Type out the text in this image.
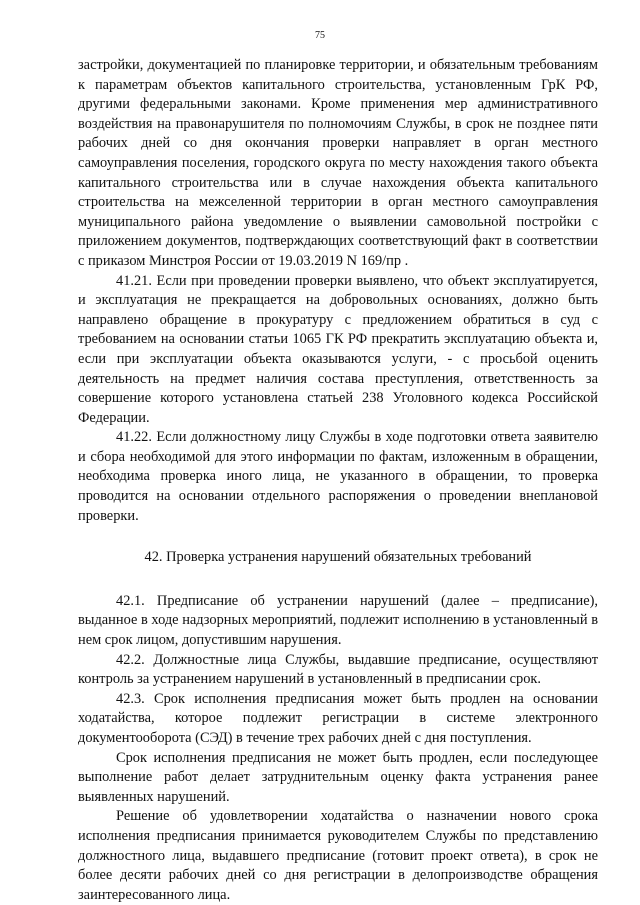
75

застройки, документацией по планировке территории, и обязательным требованиям к параметрам объектов капитального строительства, установленным ГрК РФ, другими федеральными законами. Кроме применения мер административного воздействия на правонарушителя по полномочиям Службы, в срок не позднее пяти рабочих дней со дня окончания проверки направляет в орган местного самоуправления поселения, городского округа по месту нахождения такого объекта капитального строительства или в случае нахождения объекта капитального строительства на межселенной территории в орган местного самоуправления муниципального района уведомление о выявлении самовольной постройки с приложением документов, подтверждающих соответствующий факт в соответствии с приказом Минстроя России от 19.03.2019 N 169/пр .

41.21. Если при проведении проверки выявлено, что объект эксплуатируется, и эксплуатация не прекращается на добровольных основаниях, должно быть направлено обращение в прокуратуру с предложением обратиться в суд с требованием на основании статьи 1065 ГК РФ прекратить эксплуатацию объекта и, если при эксплуатации объекта оказываются услуги, - с просьбой оценить деятельность на предмет наличия состава преступления, ответственность за совершение которого установлена статьей 238 Уголовного кодекса Российской Федерации.

41.22. Если должностному лицу Службы в ходе подготовки ответа заявителю и сбора необходимой для этого информации по фактам, изложенным в обращении, необходима проверка иного лица, не указанного в обращении, то проверка проводится на основании отдельного распоряжения о проведении внеплановой проверки.

42. Проверка устранения нарушений обязательных требований

42.1. Предписание об устранении нарушений (далее – предписание), выданное в ходе надзорных мероприятий, подлежит исполнению в установленный в нем срок лицом, допустившим нарушения.

42.2. Должностные лица Службы, выдавшие предписание, осуществляют контроль за устранением нарушений в установленный в предписании срок.

42.3. Срок исполнения предписания может быть продлен на основании ходатайства, которое подлежит регистрации в системе электронного документооборота (СЭД) в течение трех рабочих дней с дня поступления.

Срок исполнения предписания не может быть продлен, если последующее выполнение работ делает затруднительным оценку факта устранения ранее выявленных нарушений.

Решение об удовлетворении ходатайства о назначении нового срока исполнения предписания принимается руководителем Службы по представлению должностного лица, выдавшего предписание (готовит проект ответа), в срок не более десяти рабочих дней со дня регистрации в делопроизводстве обращения заинтересованного лица.
